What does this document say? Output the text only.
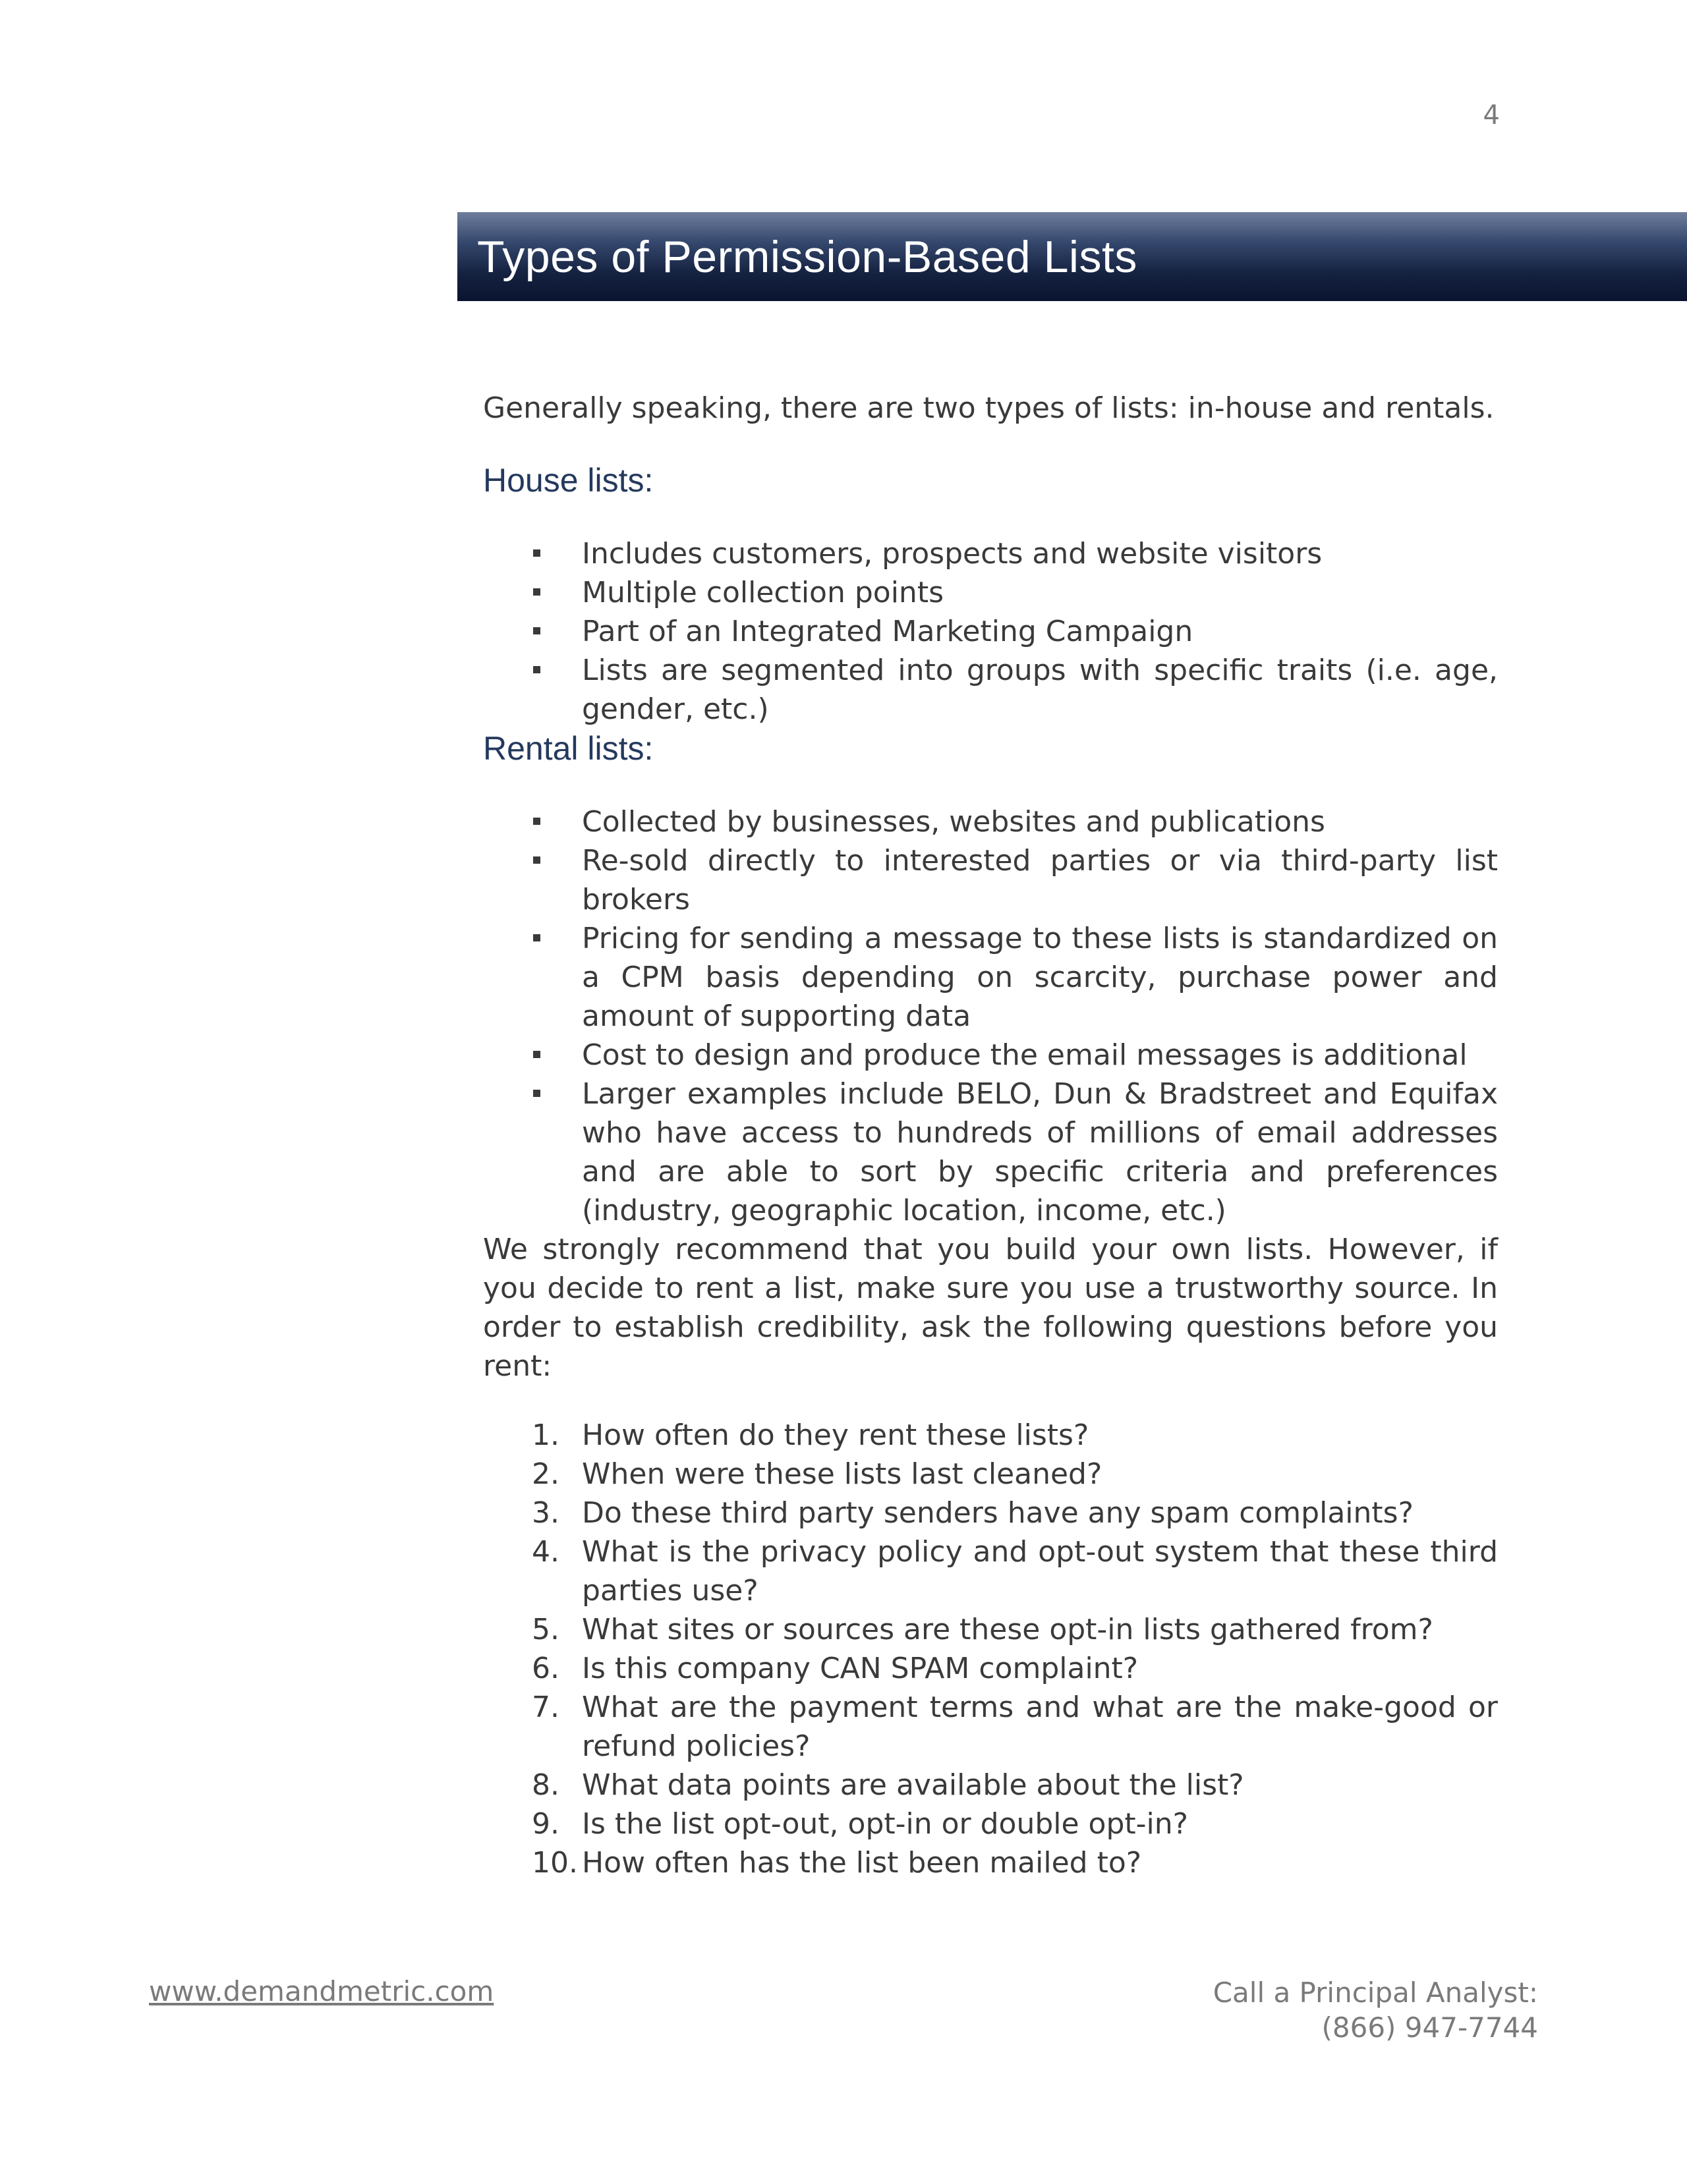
4
Types of Permission-Based Lists

Generally speaking, there are two types of lists: in-house and rentals.

House lists:
Includes customers, prospects and website visitors
Multiple collection points
Part of an Integrated Marketing Campaign
Lists are segmented into groups with specific traits (i.e. age, gender, etc.)
Rental lists:
Collected by businesses, websites and publications
Re-sold directly to interested parties or via third-party list brokers
Pricing for sending a message to these lists is standardized on a CPM basis depending on scarcity, purchase power and amount of supporting data
Cost to design and produce the email messages is additional
Larger examples include BELO, Dun & Bradstreet and Equifax who have access to hundreds of millions of email addresses and are able to sort by specific criteria and preferences (industry, geographic location, income, etc.)

We strongly recommend that you build your own lists. However, if you decide to rent a list, make sure you use a trustworthy source. In order to establish credibility, ask the following questions before you rent:

1. How often do they rent these lists?
2. When were these lists last cleaned?
3. Do these third party senders have any spam complaints?
4. What is the privacy policy and opt-out system that these third parties use?
5. What sites or sources are these opt-in lists gathered from?
6. Is this company CAN SPAM complaint?
7. What are the payment terms and what are the make-good or refund policies?
8. What data points are available about the list?
9. Is the list opt-out, opt-in or double opt-in?
10. How often has the list been mailed to?
www.demandmetric.com	Call a Principal Analyst:
(866) 947-7744
